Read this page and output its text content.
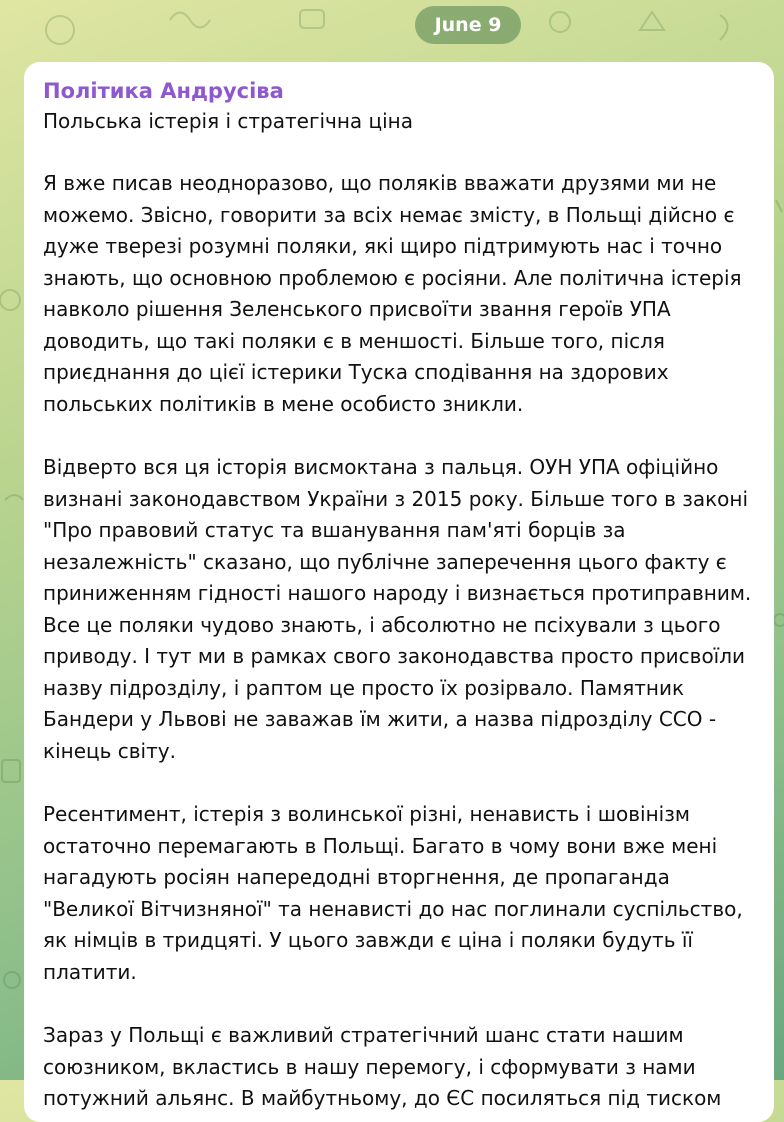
June 9
Політика Андрусіва
Польська істерія і стратегічна ціна
Я вже писав неодноразово, що поляків вважати друзями ми не можемо. Звісно, говорити за всіх немає змісту, в Польщі дійсно є дуже тверезі розумні поляки, які щиро підтримують нас і точно знають, що основною проблемою є росіяни. Але політична істерія навколо рішення Зеленського присвоїти звання героїв УПА доводить, що такі поляки є в меншості. Більше того, після приєднання до цієї істерики Туска сподівання на здорових польських політиків в мене особисто зникли.
Відверто вся ця історія висмоктана з пальця. ОУН УПА офіційно визнані законодавством України з 2015 року. Більше того в законі "Про правовий статус та вшанування пам'яті борців за незалежність" сказано, що публічне заперечення цього факту є приниженням гідності нашого народу і визнається протиправним. Все це поляки чудово знають, і абсолютно не псіхували з цього приводу. І тут ми в рамках свого законодавства просто присвоїли назву підрозділу, і раптом це просто їх розірвало. Памятник Бандери у Львові не заважав їм жити, а назва підрозділу ССО - кінець світу.
Ресентимент, істерія з волинської різні, ненависть і шовінізм остаточно перемагають в Польщі. Багато в чому вони вже мені нагадують росіян напередодні вторгнення, де пропаганда "Великої Вітчизняної" та ненависті до нас поглинали суспільство, як німців в тридцяті. У цього завжди є ціна і поляки будуть її платити.
Зараз у Польщі є важливий стратегічний шанс стати нашим союзником, вкластись в нашу перемогу, і сформувати з нами потужний альянс. В майбутньому, до ЄС посиляться під тиском
